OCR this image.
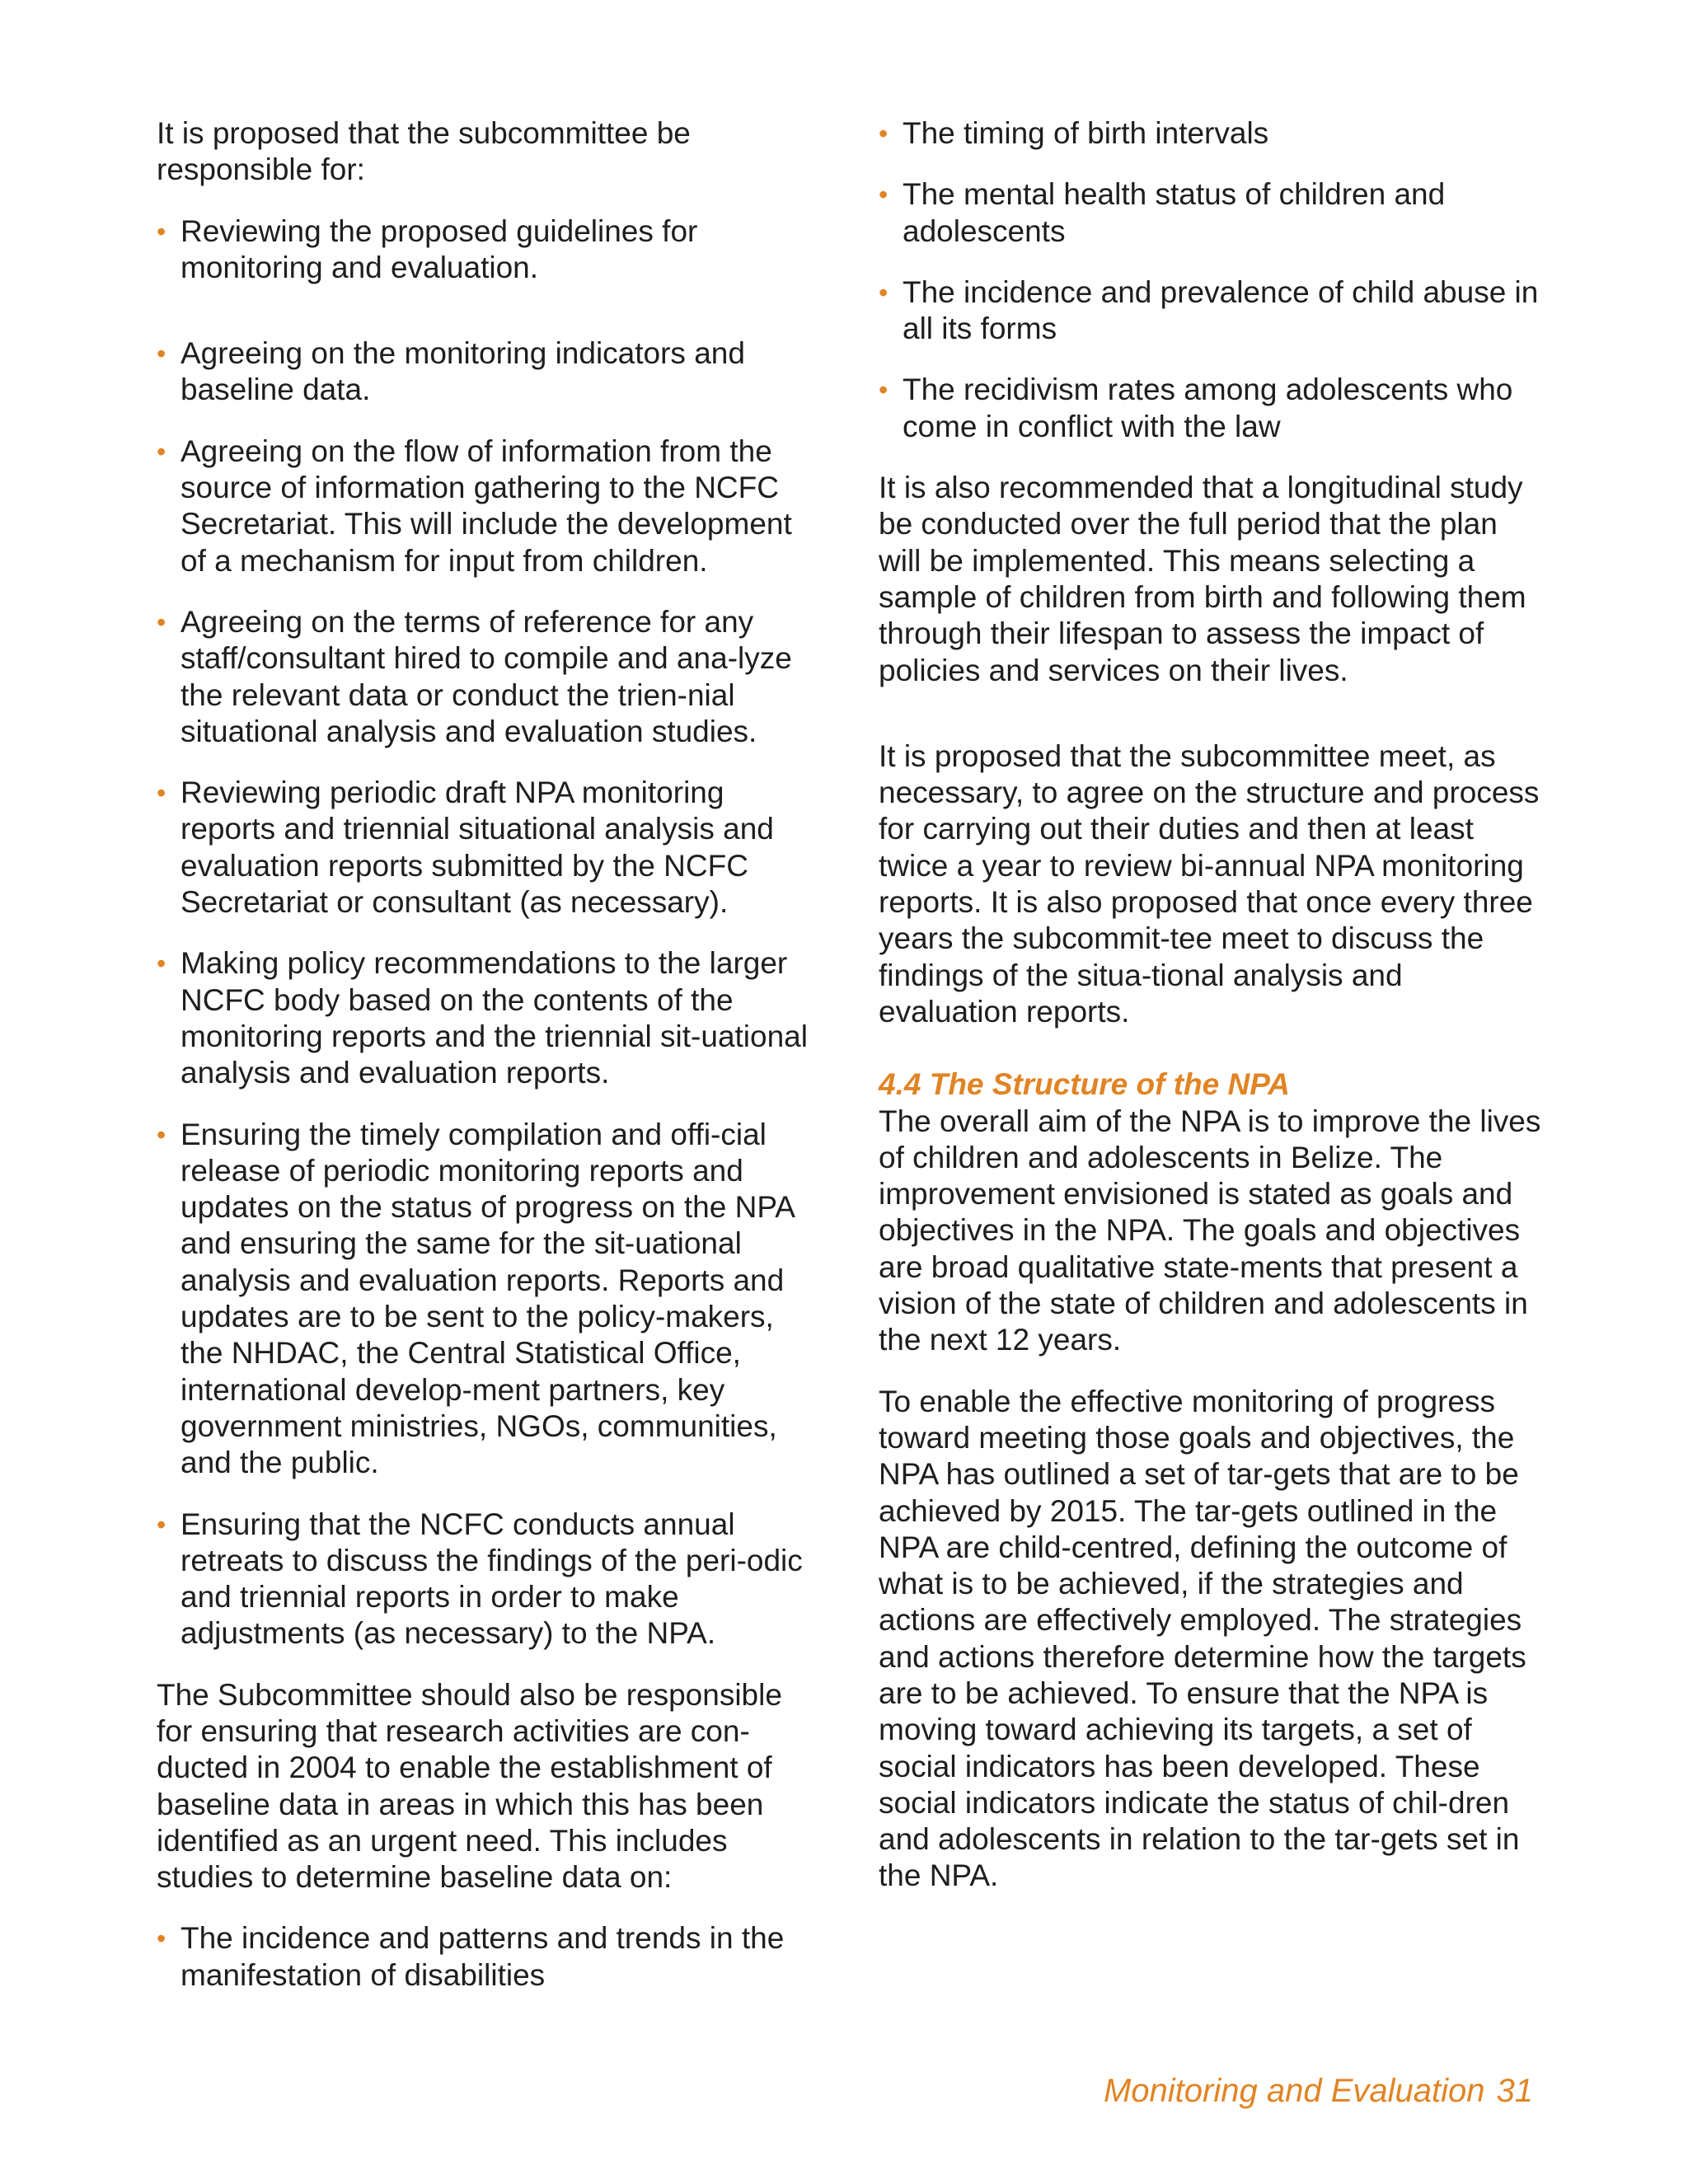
It is proposed that the subcommittee be responsible for:

• Reviewing the proposed guidelines for monitoring and evaluation.
• Agreeing on the monitoring indicators and baseline data.
• Agreeing on the flow of information from the source of information gathering to the NCFC Secretariat. This will include the development of a mechanism for input from children.
• Agreeing on the terms of reference for any staff/consultant hired to compile and ana-lyze the relevant data or conduct the trien-nial situational analysis and evaluation studies.
• Reviewing periodic draft NPA monitoring reports and triennial situational analysis and evaluation reports submitted by the NCFC Secretariat or consultant (as necessary).
• Making policy recommendations to the larger NCFC body based on the contents of the monitoring reports and the triennial sit-uational analysis and evaluation reports.
• Ensuring the timely compilation and offi-cial release of periodic monitoring reports and updates on the status of progress on the NPA and ensuring the same for the sit-uational analysis and evaluation reports. Reports and updates are to be sent to the policy-makers, the NHDAC, the Central Statistical Office, international develop-ment partners, key government ministries, NGOs, communities, and the public.
• Ensuring that the NCFC conducts annual retreats to discuss the findings of the peri-odic and triennial reports in order to make adjustments (as necessary) to the NPA.

The Subcommittee should also be responsible for ensuring that research activities are con-ducted in 2004 to enable the establishment of baseline data in areas in which this has been identified as an urgent need. This includes studies to determine baseline data on:

• The incidence and patterns and trends in the manifestation of disabilities
• The timing of birth intervals
• The mental health status of children and adolescents
• The incidence and prevalence of child abuse in all its forms
• The recidivism rates among adolescents who come in conflict with the law

It is also recommended that a longitudinal study be conducted over the full period that the plan will be implemented. This means selecting a sample of children from birth and following them through their lifespan to assess the impact of policies and services on their lives.

It is proposed that the subcommittee meet, as necessary, to agree on the structure and process for carrying out their duties and then at least twice a year to review bi-annual NPA monitoring reports. It is also proposed that once every three years the subcommit-tee meet to discuss the findings of the situa-tional analysis and evaluation reports.

4.4 The Structure of the NPA

The overall aim of the NPA is to improve the lives of children and adolescents in Belize. The improvement envisioned is stated as goals and objectives in the NPA. The goals and objectives are broad qualitative state-ments that present a vision of the state of children and adolescents in the next 12 years.

To enable the effective monitoring of progress toward meeting those goals and objectives, the NPA has outlined a set of tar-gets that are to be achieved by 2015. The tar-gets outlined in the NPA are child-centred, defining the outcome of what is to be achieved, if the strategies and actions are effectively employed. The strategies and actions therefore determine how the targets are to be achieved. To ensure that the NPA is moving toward achieving its targets, a set of social indicators has been developed. These social indicators indicate the status of chil-dren and adolescents in relation to the tar-gets set in the NPA.

Monitoring and Evaluation 31
